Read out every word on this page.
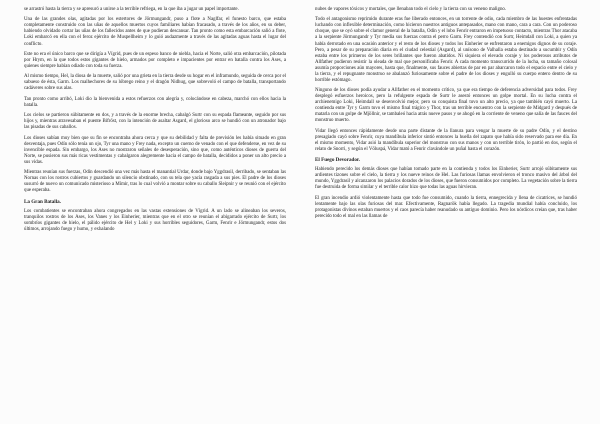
se arrastró hasta la tierra y se apresuró a unirse a la terrible refriega, en la que iba a jugar un papel importante.

Una de las grandes olas, agitadas por los estertores de Jörmungandr, puso a flote a Naglfar, el funesto barco, que estaba completamente construido con las uñas de aquellos muertos cuyos familiares habían fracasado, a través de los años, en su deber, habiendo olvidado cortar las uñas de los fallecidos antes de que pudieran descansar. Tan pronto como esta embarcación salió a flote, Loki embarcó en ella con el feroz ejército de Muspellheim y lo guió audazmente a través de las agitadas aguas hasta el lugar del conflicto.

Este no era el único barco que se dirigía a Vígrid, pues de un espeso banco de niebla, hacia el Norte, salió otra embarcación, pilotada por Hrym, en la que todos estos gigantes de hielo, armados por completo e impacientes por entrar en batalla contra los Ases, a quienes siempre habían odiado con toda su fuerza.

Al mismo tiempo, Hel, la diosa de la muerte, salió por una grieta en la tierra desde su hogar en el inframundo, seguida de cerca por el sabueso de ésta, Garm. Los malhechores de su lóbrego reino y el dragón Nidhug, que sobrevoló el campo de batalla, transportando cadáveres sobre sus alas.

Tan pronto como arribó, Loki dio la bienvenida a estos refuerzos con alegría y, colocándose en cabeza, marchó con ellos hacia la batalla.

Los cielos se partieron súbitamente en dos, y a través de la enorme brecha, cabalgó Surtr con su espada flameante, seguido por sus hijos y, mientras atravesaban el puente Bifröst, con la intención de asaltar Asgard, el glorioso arco se hundió con un atronador bajo las pisadas de sus caballos.

Los dioses sabían muy bien que su fin se encontraba ahora cerca y que su debilidad y falta de previsión les había situado en gran desventaja, pues Odín sólo tenía un ojo, Tyr una mano y Frey nada, excepto un cuerno de venado con el que defenderse, en vez de su invencible espada. Sin embargo, los Ases no mostraron señales de desesperación, sino que, como auténticos dioses de guerra del Norte, se pusieron sus más ricas vestimentas y cabalgaron alegremente hacia el campo de batalla, decididos a poner un alto precio a sus vidas.

Mientras reunían sus fuerzas, Odín descendió una vez más hasta el manantial Urdar, donde bajo Yggdrasil, derribado, se sentaban las Nornas con los rostros cubiertos y guardando un silencio obstinado, con su tela que yacía rasgada a sus pies. El padre de los dioses susurró de nuevo un comunicado misterioso a Mímir, tras lo cual volvió a montar sobre su caballo Sleipnir y se reunió con el ejército que esperaba.

La Gran Batalla.

Los combatientes se encontraban ahora congregados en las vastas extensiones de Vígrid. A un lado se alineaban los severos, tranquilos rostros de los Ases, los Vanes y los Einherier, mientras que en el otro se reunían el abigarrado ejército de Surtr, los sombríos gigantes de hielo, el pálido ejército de Hel y Loki y sus horribles seguidores, Garm, Fenrir e Jörmungandr, estos dos últimos, arrojando fuego y humo, y exhalando

nubes de vapores tóxicos y mortales, que llenaban todo el cielo y la tierra con su veneno maligno.

Todo el antagonismo reprimido durante eras fue liberado entonces, en un torrente de odio, cada miembro de las huestes enfrentadas luchando con inflexible determinación, como hicieron nuestros antiguos antepasados, mano con mano, cara a cara. Con un poderoso choque, que se oyó sobre el clamor general de la batalla, Odín y el lobo Fenrir entraron en impetuoso contacto, mientras Thor atacaba a la serpiente Jörmungandr y Tyr medía sus fuerzas contra el perro Garm. Frey contendió con Surtr, Heimdall con Loki, a quien ya había derrotado en una ocasión anterior y el resto de los dioses y todos los Einherier se enfrentaron a enemigos dignos de su coraje. Pero, a pesar de su preparación diaria en el ciudad celestial (Asgard), al unísono de Valhalla estaba destinado a sucumbir y Odín estaba entre los primeros de los seres brillantes que fueron abatidos. Ni siquiera el elevado coraje y los poderosos atributos de Allfather pudieron resistir la oleada de mal que personificaba Fenrir. A cada momento transcurrido de la lucha, su tamaño colosal asumía proporciones aún mayores, hasta que, finalmente, sus fauces abiertas de par en par abarcaron todo el espacio entre el cielo y la tierra, y el repugnante monstruo se abalanzó furiosamente sobre el padre de los dioses y engulló su cuerpo entero dentro de su horrible estómago.

Ninguno de los dioses podía ayudar a Allfather en el momento crítico, ya que era tiempo de deferencia adversidad para todos. Frey desplegó esfuerzos heroicos, pero la refulgente espada de Surtr le asestó entonces un golpe mortal. En su lucha contra el archienemigo Loki, Heimdall se desenvolvió mejor, pero su conquista final tuvo un alto precio, ya que también cayó muerto. La contienda entre Tyr y Garm tuvo el mismo final trágico y Thor, tras un terrible encuentro con la serpiente de Midgard y después de matarla con un golpe de Mjöllnir, se tambaleó hacia atrás nueve pasos y se ahogó en la corriente de veneno que salía de las fauces del monstruo muerto.

Vidar llegó entonces rápidamente desde una parte distante de la llanura para vengar la muerte de su padre Odín, y el destino presagiado cayó sobre Fenrir, cuya mandíbula inferior sintió entonces la huella del zapato que había sido reservado para ese día. En el mismo momento, Vidar asió la mandíbula superior del monstruo con sus manos y con un terrible tirón, lo partió en dos, según el relato de Snorri, y según el Völuspá, Vidar mató a Fenrir clavándole un puñal hasta el corazón.

El Fuego Devorador.

Habiendo perecido los demás dioses que habían tomado parte en la contienda y todos los Einherier, Surtr arrojó súbitamente sus ardientes tizones sobre el cielo, la tierra y los nueve reinos de Hel. Las furiosas llamas envolvieron el tronco masivo del árbol del mundo, Yggdrasil y alcanzaron los palacios dorados de los dioses, que fueron consumidos por completo. La vegetación sobre la tierra fue destruida de forma similar y el terrible calor hizo que todas las aguas hirvieran.

El gran incendio ardió violentamente hasta que todo fue consumido, cuando la tierra, ennegrecida y llena de cicatrices, se hundió lentamente bajo las olas furiosas del mar. Efectivamente, Ragnarök había llegado. La tragedia mundial había concluido, los protagonistas divinos estaban muertos y el caos parecía haber reanudado su antiguo dominio. Pero los nórdicos creían que, tras haber perecido todo el mal en las llamas de
